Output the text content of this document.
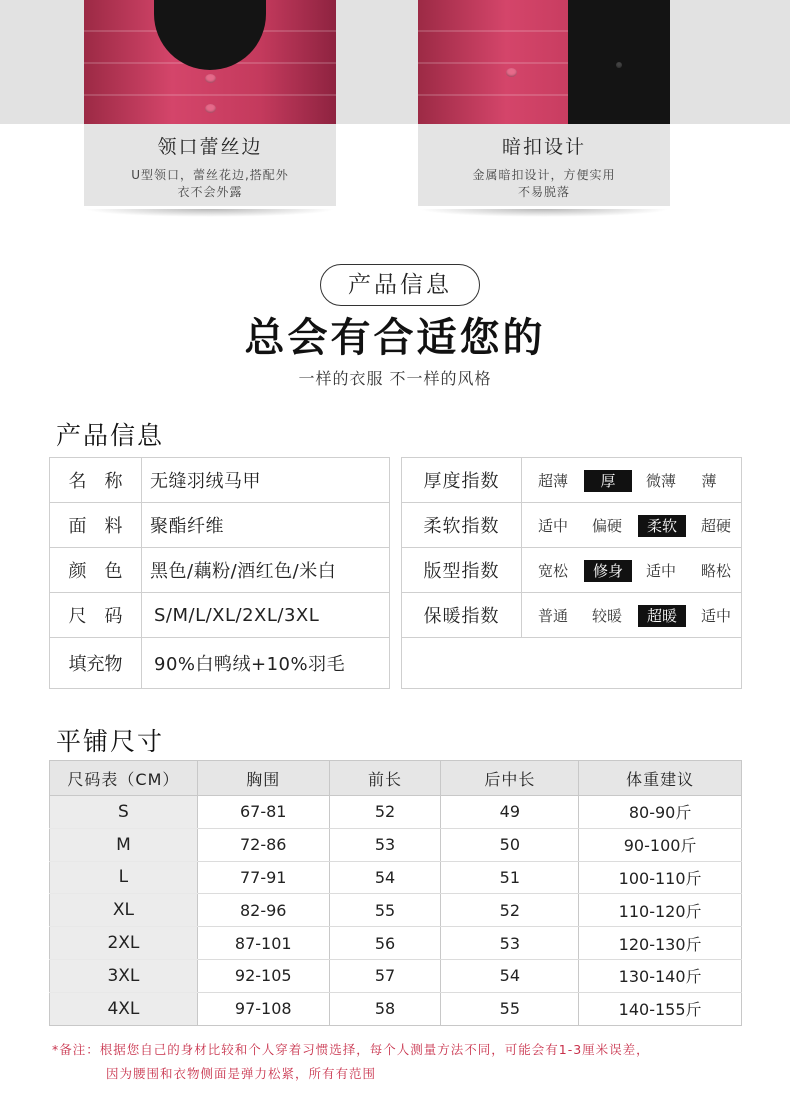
领口蕾丝边
U型领口，蕾丝花边,搭配外
衣不会外露
暗扣设计
金属暗扣设计，方便实用
不易脱落
产品信息
总会有合适您的
一样的衣服 不一样的风格
产品信息
名　称	无缝羽绒马甲
面　料	聚酯纤维
颜　色	黑色/藕粉/酒红色/米白
尺　码	S/M/L/XL/2XL/3XL
填充物	90%白鸭绒+10%羽毛
厚度指数	超薄	厚	微薄	薄
柔软指数	适中	偏硬	柔软	超硬
版型指数	宽松	修身	适中	略松
保暖指数	普通	较暖	超暖	适中
平铺尺寸
尺码表（CM）	胸围	前长	后中长	体重建议
S	67-81	52	49	80-90斤
M	72-86	53	50	90-100斤
L	77-91	54	51	100-110斤
XL	82-96	55	52	110-120斤
2XL	87-101	56	53	120-130斤
3XL	92-105	57	54	130-140斤
4XL	97-108	58	55	140-155斤
*备注：根据您自己的身材比较和个人穿着习惯选择，每个人测量方法不同，可能会有1-3厘米误差，
因为腰围和衣物侧面是弹力松紧，所有有范围
